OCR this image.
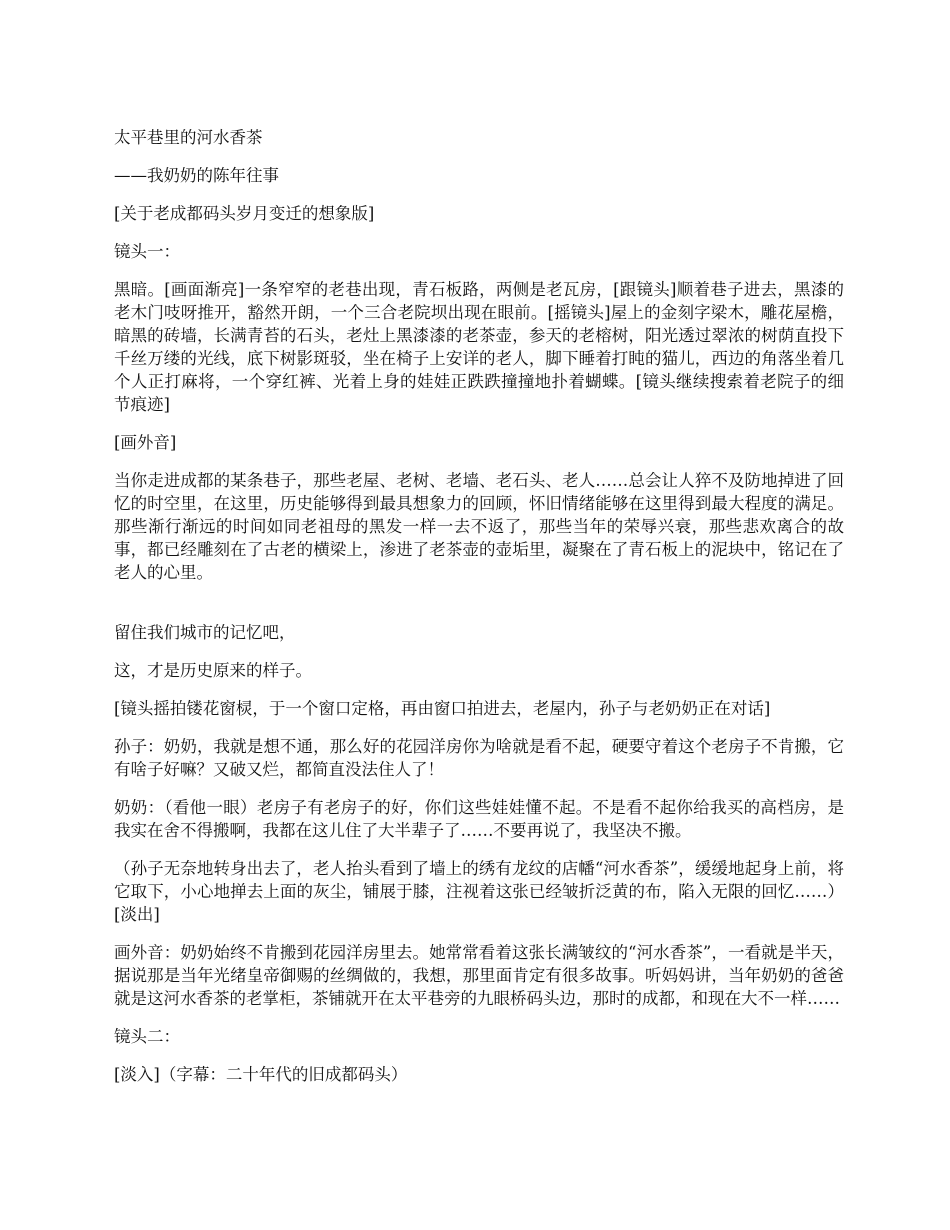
太平巷里的河水香茶

——我奶奶的陈年往事

[关于老成都码头岁月变迁的想象版]

镜头一：

黑暗。[画面渐亮]一条窄窄的老巷出现，青石板路，两侧是老瓦房，[跟镜头]顺着巷子进去，黑漆的老木门吱呀推开，豁然开朗，一个三合老院坝出现在眼前。[摇镜头]屋上的金刻字梁木，雕花屋檐，暗黑的砖墙，长满青苔的石头，老灶上黑漆漆的老茶壶，参天的老榕树，阳光透过翠浓的树荫直投下千丝万缕的光线，底下树影斑驳，坐在椅子上安详的老人，脚下睡着打盹的猫儿，西边的角落坐着几个人正打麻将，一个穿红裤、光着上身的娃娃正跌跌撞撞地扑着蝴蝶。[镜头继续搜索着老院子的细节痕迹]

[画外音]

当你走进成都的某条巷子，那些老屋、老树、老墙、老石头、老人……总会让人猝不及防地掉进了回忆的时空里，在这里，历史能够得到最具想象力的回顾，怀旧情绪能够在这里得到最大程度的满足。那些渐行渐远的时间如同老祖母的黑发一样一去不返了，那些当年的荣辱兴衰，那些悲欢离合的故事，都已经雕刻在了古老的横梁上，渗进了老茶壶的壶垢里，凝聚在了青石板上的泥块中，铭记在了老人的心里。

留住我们城市的记忆吧，

这，才是历史原来的样子。

[镜头摇拍镂花窗棂，于一个窗口定格，再由窗口拍进去，老屋内，孙子与老奶奶正在对话]

孙子：奶奶，我就是想不通，那么好的花园洋房你为啥就是看不起，硬要守着这个老房子不肯搬，它有啥子好嘛？又破又烂，都简直没法住人了！

奶奶：（看他一眼）老房子有老房子的好，你们这些娃娃懂不起。不是看不起你给我买的高档房，是我实在舍不得搬啊，我都在这儿住了大半辈子了……不要再说了，我坚决不搬。

（孙子无奈地转身出去了，老人抬头看到了墙上的绣有龙纹的店幡“河水香茶”，缓缓地起身上前，将它取下，小心地掸去上面的灰尘，铺展于膝，注视着这张已经皱折泛黄的布，陷入无限的回忆……）[淡出]

画外音：奶奶始终不肯搬到花园洋房里去。她常常看着这张长满皱纹的“河水香茶”，一看就是半天，据说那是当年光绪皇帝御赐的丝绸做的，我想，那里面肯定有很多故事。听妈妈讲，当年奶奶的爸爸就是这河水香茶的老掌柜，茶铺就开在太平巷旁的九眼桥码头边，那时的成都，和现在大不一样……

镜头二：

[淡入]（字幕：二十年代的旧成都码头）
